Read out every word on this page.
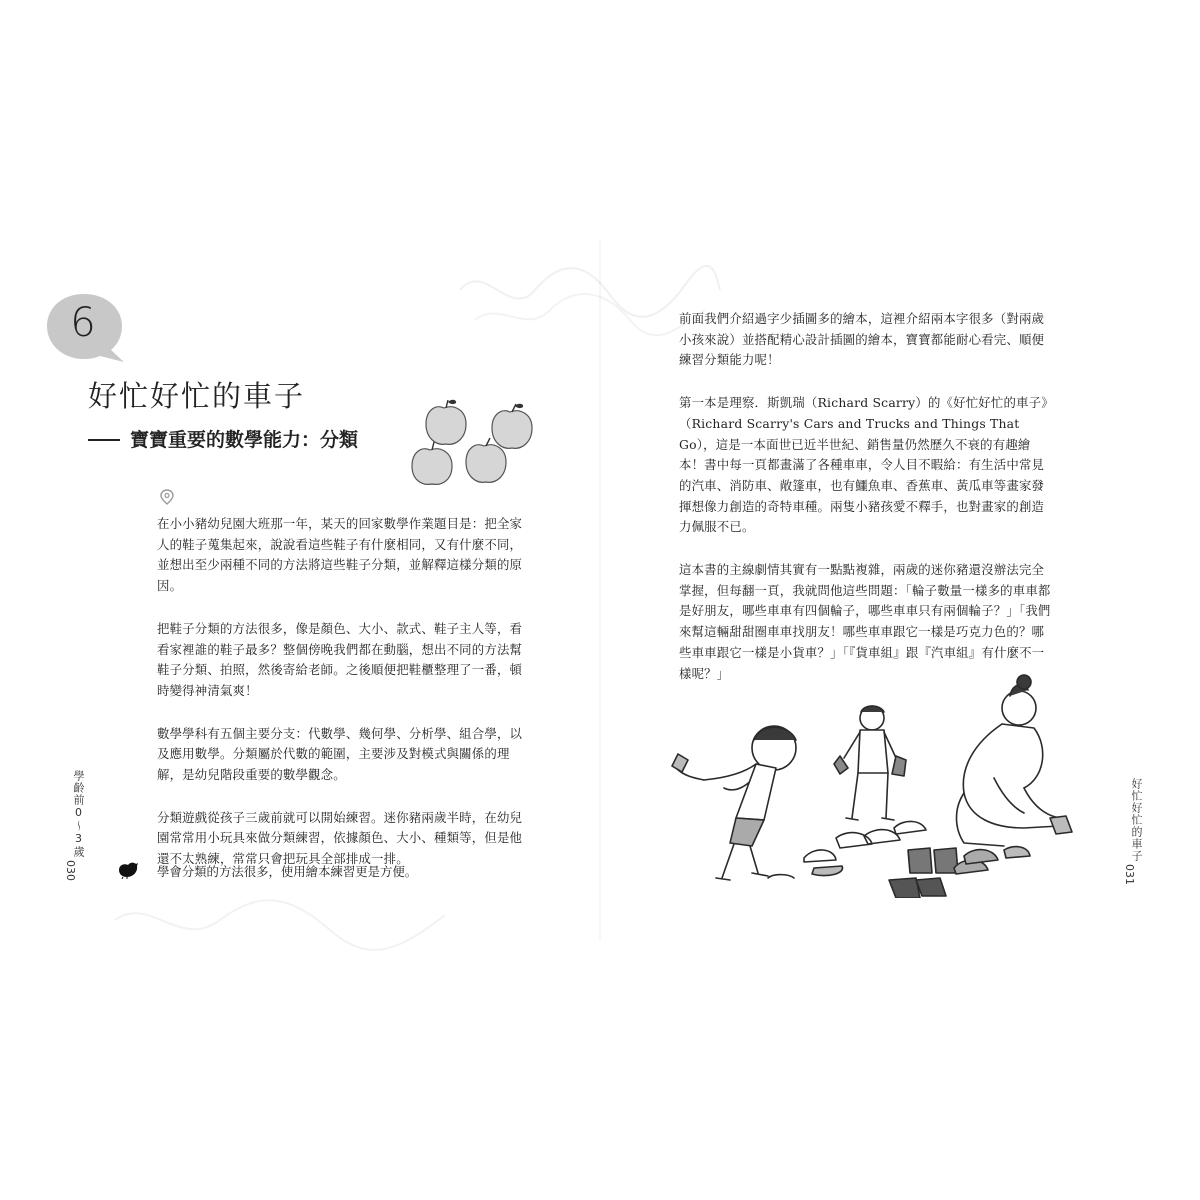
6
好忙好忙的車子
寶寶重要的數學能力：分類

在小小豬幼兒園大班那一年，某天的回家數學作業題目是：把全家人的鞋子蒐集起來，說說看這些鞋子有什麼相同，又有什麼不同，並想出至少兩種不同的方法將這些鞋子分類，並解釋這樣分類的原因。

把鞋子分類的方法很多，像是顏色、大小、款式、鞋子主人等，看看家裡誰的鞋子最多？整個傍晚我們都在動腦，想出不同的方法幫鞋子分類、拍照，然後寄給老師。之後順便把鞋櫃整理了一番，頓時變得神清氣爽！

數學學科有五個主要分支：代數學、幾何學、分析學、組合學，以及應用數學。分類屬於代數的範圍，主要涉及對模式與關係的理解，是幼兒階段重要的數學觀念。

分類遊戲從孩子三歲前就可以開始練習。迷你豬兩歲半時，在幼兒園常常用小玩具來做分類練習，依據顏色、大小、種類等，但是他還不太熟練，常常只會把玩具全部排成一排。

學會分類的方法很多，使用繪本練習更是方便。
學齡前0～3歲
030

前面我們介紹過字少插圖多的繪本，這裡介紹兩本字很多（對兩歲小孩來說）並搭配精心設計插圖的繪本，寶寶都能耐心看完、順便練習分類能力呢！

第一本是理察．斯凱瑞（Richard Scarry）的《好忙好忙的車子》（Richard Scarry's Cars and Trucks and Things That Go），這是一本面世已近半世紀、銷售量仍然歷久不衰的有趣繪本！書中每一頁都畫滿了各種車車，令人目不暇給：有生活中常見的汽車、消防車、敞篷車，也有鱷魚車、香蕉車、黃瓜車等畫家發揮想像力創造的奇特車種。兩隻小豬孩愛不釋手，也對畫家的創造力佩服不已。

這本書的主線劇情其實有一點點複雜，兩歲的迷你豬還沒辦法完全掌握，但每翻一頁，我就問他這些問題：「輪子數量一樣多的車車都是好朋友，哪些車車有四個輪子，哪些車車只有兩個輪子？」「我們來幫這輛甜甜圈車車找朋友！哪些車車跟它一樣是巧克力色的？哪些車車跟它一樣是小貨車？」「『貨車組』跟『汽車組』有什麼不一樣呢？」

好忙好忙的車子
031
